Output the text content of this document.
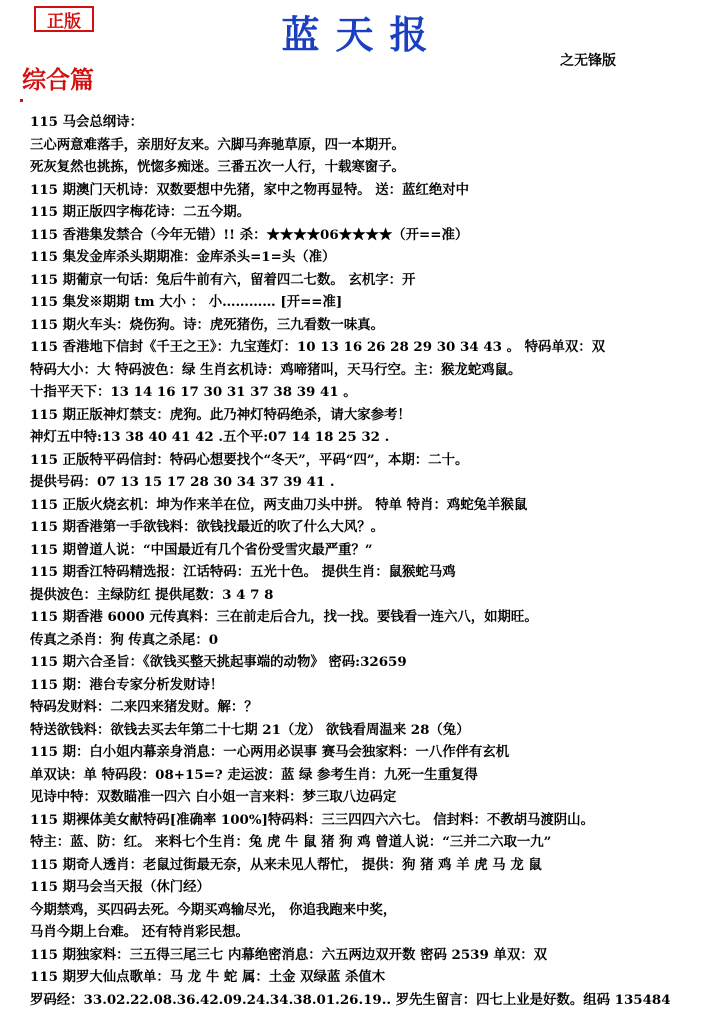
正版	蓝天报
之无锋版
综合篇
115 马会总纲诗：
三心两意难落手，亲朋好友来。六脚马奔驰草原，四一本期开。
死灰复然也挑拣，恍惚多痴迷。三番五次一人行，十载寒窗子。
115 期澳门天机诗：双数要想中先猪，家中之物再显特。 送：蓝红绝对中
115 期正版四字梅花诗：二五今期。
115 香港集发禁合（今年无错）!! 杀：★★★★06★★★★（开==准）
115 集发金库杀头期期准：金库杀头=1=头（准）
115 期葡京一句话：兔后牛前有六，留着四二七数。 玄机字：开
115 集发※期期 tm 大小 ： 小………… [开==准]
115 期火车头：烧伤狗。诗：虎死猪伤，三九看数一味真。
115 香港地下信封《千王之王》：九宝莲灯：10 13 16 26 28 29 30 34 43 。 特码单双：双
特码大小：大 特码波色：绿 生肖玄机诗：鸡啼猪叫，天马行空。主：猴龙蛇鸡鼠。
十指平天下：13 14 16 17 30 31 37 38 39 41 。
115 期正版神灯禁支：虎狗。此乃神灯特码绝杀，请大家参考！
神灯五中特:13 38 40 41 42 .五个平:07 14 18 25 32 .
115 正版特平码信封：特码心想要找个“冬天”，平码“四”，本期：二十。
提供号码：07 13 15 17 28 30 34 37 39 41 .
115 正版火烧玄机：坤为作来羊在位，两支曲刀头中拼。 特单 特肖：鸡蛇兔羊猴鼠
115 期香港第一手欲钱料：欲钱找最近的吹了什么大风？。
115 期曾道人说：“中国最近有几个省份受雪灾最严重？”
115 期香江特码精选报：江话特码：五光十色。 提供生肖：鼠猴蛇马鸡
提供波色：主绿防红 提供尾数：3 4 7 8
115 期香港 6000 元传真料：三在前走后合九，找一找。要钱看一连六八，如期旺。
传真之杀肖：狗 传真之杀尾：0
115 期六合圣旨：《欲钱买整天挑起事端的动物》 密码:32659
115 期：港台专家分析发财诗！
特码发财料：二来四来猪发财。解：？
特送欲钱料：欲钱去买去年第二十七期 21（龙） 欲钱看周温来 28（兔）
115 期：白小姐内幕亲身消息：一心两用必误事 赛马会独家料：一八作伴有玄机
单双诀：单 特码段：08+15=? 走运波：蓝 绿 参考生肖：九死一生重复得
见诗中特：双数瞄准一四六 白小姐一言来料：梦三取八边码定
115 期裸体美女献特码[准确率 100%]特码料：三三四四六六七。 信封料：不教胡马渡阴山。
特主：蓝、防：红。 来料七个生肖：兔 虎 牛 鼠 猪 狗 鸡 曾道人说：“三并二六取一九”
115 期奇人透肖：老鼠过街最无奈，从来未见人帮忙， 提供：狗 猪 鸡 羊 虎 马 龙 鼠
115 期马会当天报（休门经）
今期禁鸡，买四码去死。今期买鸡输尽光， 你追我跑来中奖，
马肖今期上台难。 还有特肖彩民想。
115 期独家料：三五得三尾三七 内幕绝密消息：六五两边双开数 密码 2539 单双：双
115 期罗大仙点歌单：马 龙 牛 蛇 属：土金 双绿蓝 杀值木
罗码经：33.02.22.08.36.42.09.24.34.38.01.26.19.. 罗先生留言：四七上业是好数。组码 135484
